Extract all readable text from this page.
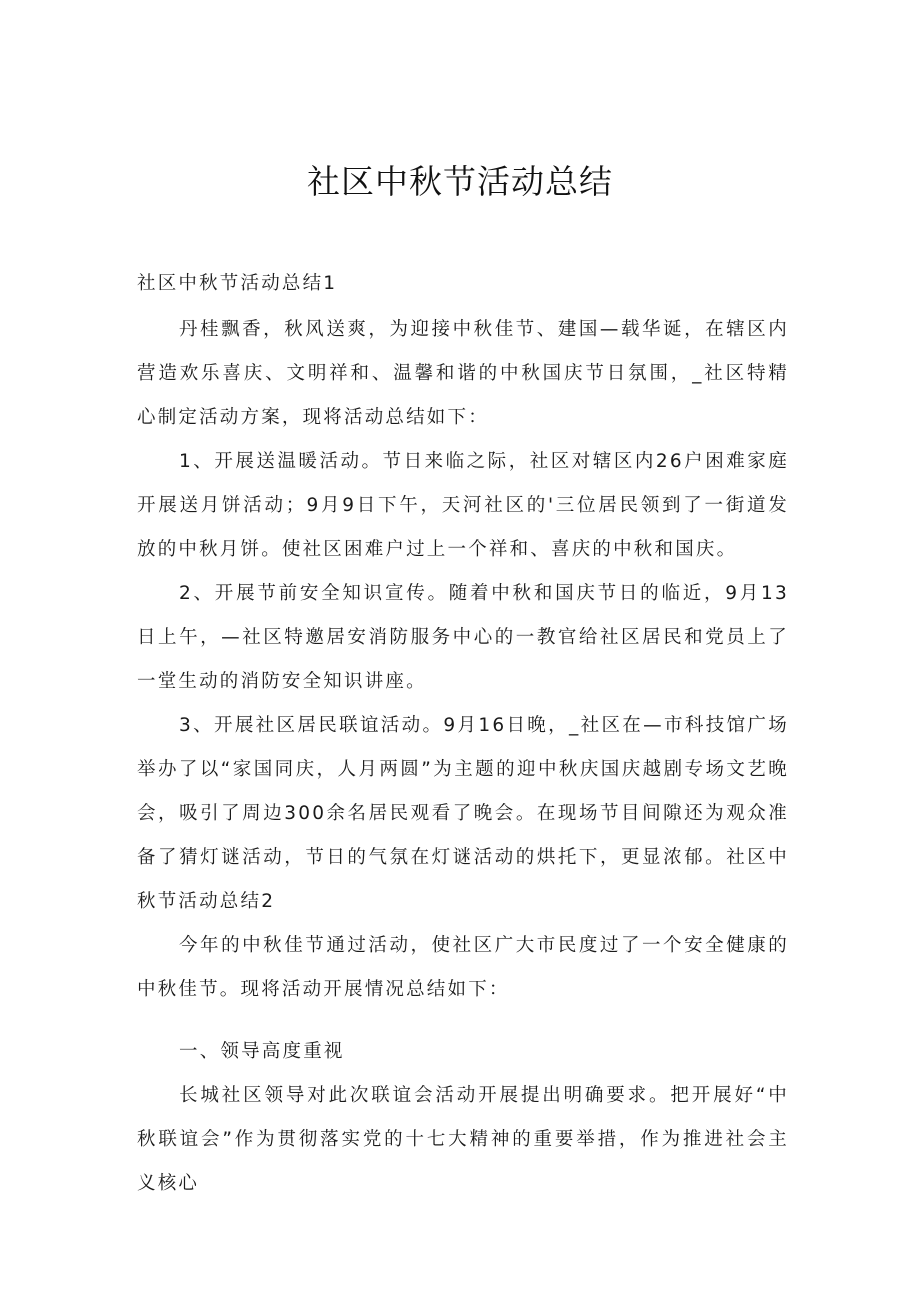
社区中秋节活动总结

社区中秋节活动总结1

丹桂飘香，秋风送爽，为迎接中秋佳节、建国—载华诞，在辖区内营造欢乐喜庆、文明祥和、温馨和谐的中秋国庆节日氛围，_社区特精心制定活动方案，现将活动总结如下：

1、开展送温暖活动。节日来临之际，社区对辖区内26户困难家庭开展送月饼活动；9月9日下午，天河社区的'三位居民领到了一街道发放的中秋月饼。使社区困难户过上一个祥和、喜庆的中秋和国庆。

2、开展节前安全知识宣传。随着中秋和国庆节日的临近，9月13日上午，—社区特邀居安消防服务中心的一教官给社区居民和党员上了一堂生动的消防安全知识讲座。

3、开展社区居民联谊活动。9月16日晚，_社区在—市科技馆广场举办了以“家国同庆，人月两圆”为主题的迎中秋庆国庆越剧专场文艺晚会，吸引了周边300余名居民观看了晚会。在现场节目间隙还为观众准备了猜灯谜活动，节日的气氛在灯谜活动的烘托下，更显浓郁。社区中秋节活动总结2

今年的中秋佳节通过活动，使社区广大市民度过了一个安全健康的中秋佳节。现将活动开展情况总结如下：

一、领导高度重视

长城社区领导对此次联谊会活动开展提出明确要求。把开展好“中秋联谊会”作为贯彻落实党的十七大精神的重要举措，作为推进社会主义核心
